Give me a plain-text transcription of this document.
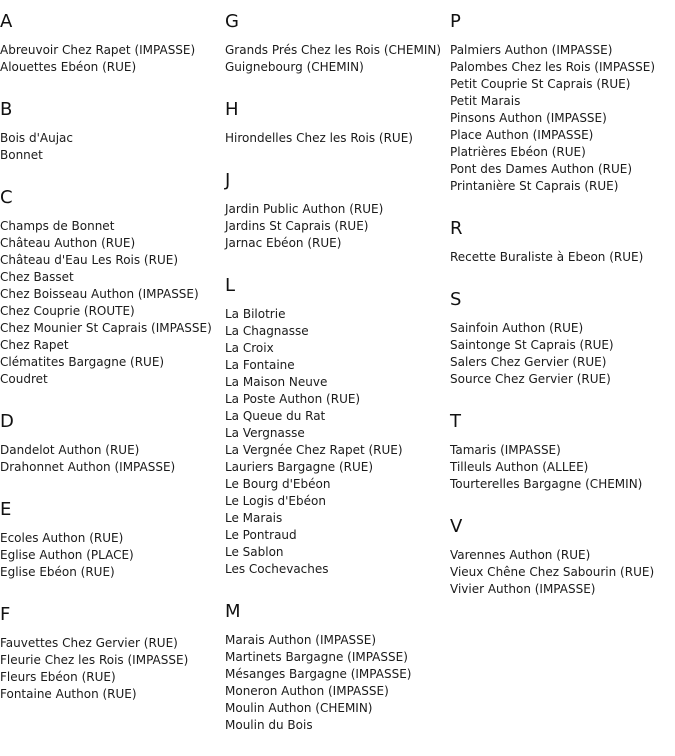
A
Abreuvoir Chez Rapet (IMPASSE)
Alouettes Ebéon (RUE)
B
Bois d'Aujac
Bonnet
C
Champs de Bonnet
Château Authon (RUE)
Château d'Eau Les Rois (RUE)
Chez Basset
Chez Boisseau Authon (IMPASSE)
Chez Couprie (ROUTE)
Chez Mounier St Caprais (IMPASSE)
Chez Rapet
Clématites Bargagne (RUE)
Coudret
D
Dandelot Authon (RUE)
Drahonnet Authon (IMPASSE)
E
Ecoles Authon (RUE)
Eglise Authon (PLACE)
Eglise Ebéon (RUE)
F
Fauvettes Chez Gervier (RUE)
Fleurie Chez les Rois (IMPASSE)
Fleurs Ebéon (RUE)
Fontaine Authon (RUE)
G
Grands Prés Chez les Rois (CHEMIN)
Guignebourg (CHEMIN)
H
Hirondelles Chez les Rois (RUE)
J
Jardin Public Authon (RUE)
Jardins St Caprais (RUE)
Jarnac Ebéon (RUE)
L
La Bilotrie
La Chagnasse
La Croix
La Fontaine
La Maison Neuve
La Poste Authon (RUE)
La Queue du Rat
La Vergnasse
La Vergnée Chez Rapet (RUE)
Lauriers Bargagne (RUE)
Le Bourg d'Ebéon
Le Logis d'Ebéon
Le Marais
Le Pontraud
Le Sablon
Les Cochevaches
M
Marais Authon (IMPASSE)
Martinets Bargagne (IMPASSE)
Mésanges Bargagne (IMPASSE)
Moneron Authon (IMPASSE)
Moulin Authon (CHEMIN)
Moulin du Bois
P
Palmiers Authon (IMPASSE)
Palombes Chez les Rois (IMPASSE)
Petit Couprie St Caprais (RUE)
Petit Marais
Pinsons Authon (IMPASSE)
Place Authon (IMPASSE)
Platrières Ebéon (RUE)
Pont des Dames Authon (RUE)
Printanière St Caprais (RUE)
R
Recette Buraliste à Ebeon (RUE)
S
Sainfoin Authon (RUE)
Saintonge St Caprais (RUE)
Salers Chez Gervier (RUE)
Source Chez Gervier (RUE)
T
Tamaris (IMPASSE)
Tilleuls Authon (ALLEE)
Tourterelles Bargagne (CHEMIN)
V
Varennes Authon (RUE)
Vieux Chêne Chez Sabourin (RUE)
Vivier Authon (IMPASSE)
